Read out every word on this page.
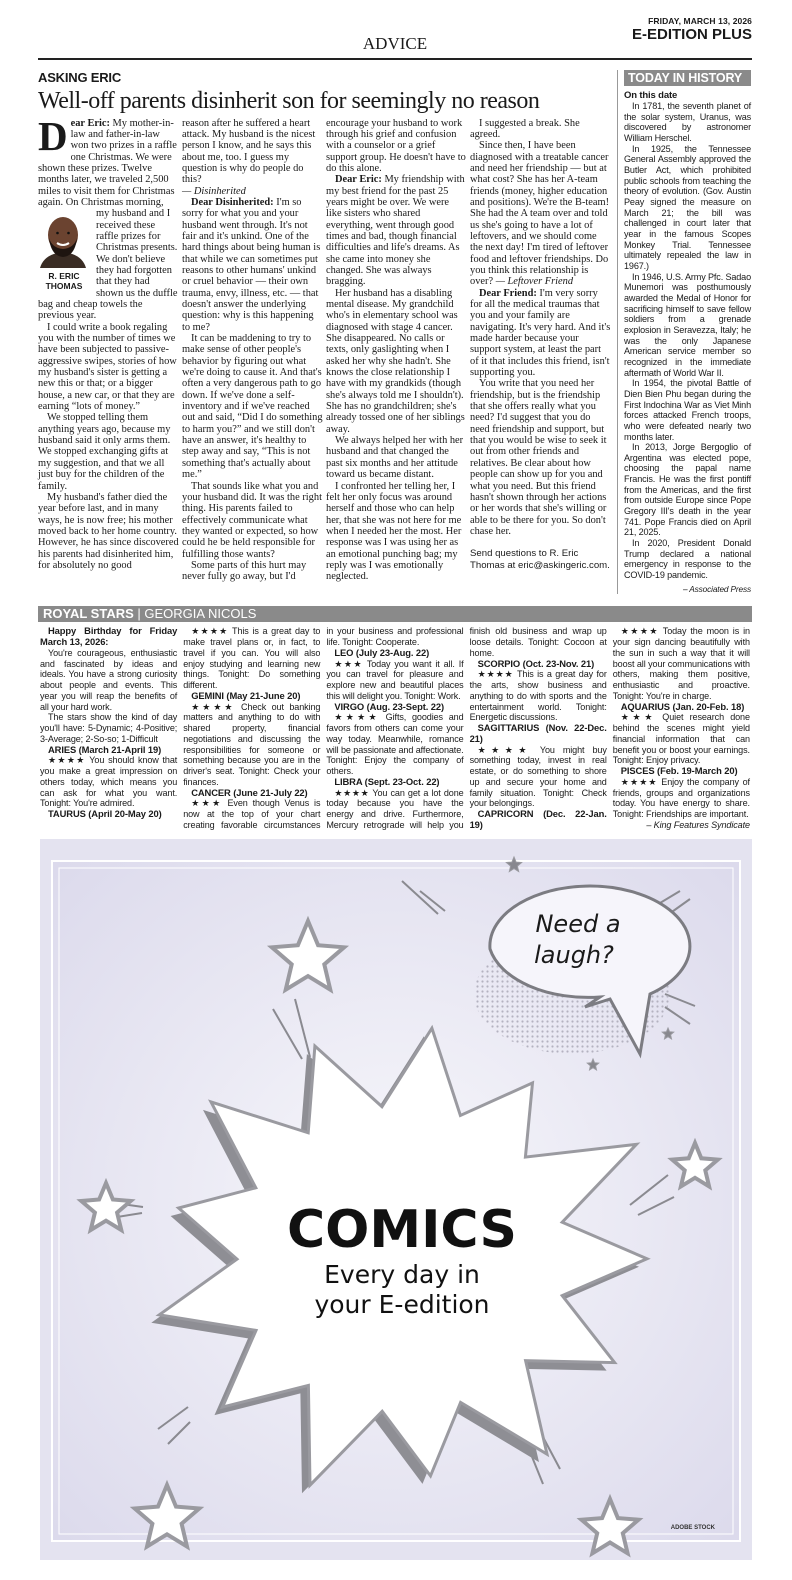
ADVICE
FRIDAY, MARCH 13, 2026
E-EDITION PLUS
ASKING ERIC
Well-off parents disinherit son for seemingly no reason

Dear Eric: My mother-in-law and father-in-law won two prizes in a raffle one Christmas. We were shown these prizes. Twelve months later, we traveled 2,500 miles to visit them for Christmas again. On Christmas morning, my husband
R. ERIC THOMAS
and I received these raffle prizes for Christmas presents. We don't believe they had forgotten that they had shown us the duffle bag and cheap towels the previous year.

I could write a book regaling you with the number of times we have been subjected to passive-aggressive swipes, stories of how my husband's sister is getting a new this or that; or a bigger house, a new car, or that they are earning “lots of money.”

We stopped telling them anything years ago, because my husband said it only arms them. We stopped exchanging gifts at my suggestion, and that we all just buy for the children of the family.

My husband's father died the year before last, and in many ways, he is now free; his mother moved back to her home country. However, he has since discovered his parents had disinherited him, for absolutely no good

reason after he suffered a heart attack. My husband is the nicest person I know, and he says this about me, too. I guess my question is why do people do this?
— Disinherited

Dear Disinherited: I'm so sorry for what you and your husband went through. It's not fair and it's unkind. One of the hard things about being human is that while we can sometimes put reasons to other humans' unkind or cruel behavior — their own trauma, envy, illness, etc. — that doesn't answer the underlying question: why is this happening to me?

It can be maddening to try to make sense of other people's behavior by figuring out what we're doing to cause it. And that's often a very dangerous path to go down. If we've done a self-inventory and if we've reached out and said, “Did I do something to harm you?” and we still don't have an answer, it's healthy to step away and say, “This is not something that's actually about me.”

That sounds like what you and your husband did. It was the right thing. His parents failed to effectively communicate what they wanted or expected, so how could he be held responsible for fulfilling those wants?

Some parts of this hurt may never fully go away, but I'd

encourage your husband to work through his grief and confusion with a counselor or a grief support group. He doesn't have to do this alone.

Dear Eric: My friendship with my best friend for the past 25 years might be over. We were like sisters who shared everything, went through good times and bad, though financial difficulties and life's dreams. As she came into money she changed. She was always bragging.

Her husband has a disabling mental disease. My grandchild who's in elementary school was diagnosed with stage 4 cancer. She disappeared. No calls or texts, only gaslighting when I asked her why she hadn't. She knows the close relationship I have with my grandkids (though she's always told me I shouldn't). She has no grandchildren; she's already tossed one of her siblings away.

We always helped her with her husband and that changed the past six months and her attitude toward us became distant.

I confronted her telling her, I felt her only focus was around herself and those who can help her, that she was not here for me when I needed her the most. Her response was I was using her as an emotional punching bag; my reply was I was emotionally neglected.

I suggested a break. She agreed.

Since then, I have been diagnosed with a treatable cancer and need her friendship — but at what cost? She has her A-team friends (money, higher education and positions). We're the B-team! She had the A team over and told us she's going to have a lot of leftovers, and we should come the next day! I'm tired of leftover food and leftover friendships. Do you think this relationship is over? — Leftover Friend

Dear Friend: I'm very sorry for all the medical traumas that you and your family are navigating. It's very hard. And it's made harder because your support system, at least the part of it that includes this friend, isn't supporting you.

You write that you need her friendship, but is the friendship that she offers really what you need? I'd suggest that you do need friendship and support, but that you would be wise to seek it out from other friends and relatives. Be clear about how people can show up for you and what you need. But this friend hasn't shown through her actions or her words that she's willing or able to be there for you. So don't chase her.

Send questions to R. Eric Thomas at eric@askingeric.com.
TODAY IN HISTORY
On this date

In 1781, the seventh planet of the solar system, Uranus, was discovered by astronomer William Herschel.

In 1925, the Tennessee General Assembly approved the Butler Act, which prohibited public schools from teaching the theory of evolution. (Gov. Austin Peay signed the measure on March 21; the bill was challenged in court later that year in the famous Scopes Monkey Trial. Tennessee ultimately repealed the law in 1967.)

In 1946, U.S. Army Pfc. Sadao Munemori was posthumously awarded the Medal of Honor for sacrificing himself to save fellow soldiers from a grenade explosion in Seravezza, Italy; he was the only Japanese American service member so recognized in the immediate aftermath of World War II.

In 1954, the pivotal Battle of Dien Bien Phu began during the First Indochina War as Viet Minh forces attacked French troops, who were defeated nearly two months later.

In 2013, Jorge Bergoglio of Argentina was elected pope, choosing the papal name Francis. He was the first pontiff from the Americas, and the first from outside Europe since Pope Gregory III's death in the year 741. Pope Francis died on April 21, 2025.

In 2020, President Donald Trump declared a national emergency in response to the COVID-19 pandemic.

– Associated Press
ROYAL STARS | GEORGIA NICOLS

Happy Birthday for Friday March 13, 2026:

You're courageous, enthusiastic and fascinated by ideas and ideals. You have a strong curiosity about people and events. This year you will reap the benefits of all your hard work.

The stars show the kind of day you'll have: 5-Dynamic; 4-Positive; 3-Average; 2-So-so; 1-Difficult

ARIES (March 21-April 19)

★★★★ You should know that you make a great impression on others today, which means you can ask for what you want. Tonight: You're admired.

TAURUS (April 20-May 20)

★★★★ This is a great day to make travel plans or, in fact, to travel if you can. You will also enjoy studying and learning new things. Tonight: Do something different.

GEMINI (May 21-June 20)

★★★★ Check out banking matters and anything to do with shared property, financial negotiations and discussing the responsibilities for someone or something because you are in the driver's seat. Tonight: Check your finances.

CANCER (June 21-July 22)

★★★ Even though Venus is now at the top of your chart creating favorable circumstances in your business and professional life. Tonight: Cooperate.

LEO (July 23-Aug. 22)

★★★ Today you want it all. If you can travel for pleasure and explore new and beautiful places this will delight you. Tonight: Work.

VIRGO (Aug. 23-Sept. 22)

★★★★ Gifts, goodies and favors from others can come your way today. Meanwhile, romance will be passionate and affectionate. Tonight: Enjoy the company of others.

LIBRA (Sept. 23-Oct. 22)

★★★★ You can get a lot done today because you have the energy and drive. Furthermore, Mercury retrograde will help you finish old business and wrap up loose details. Tonight: Cocoon at home.

SCORPIO (Oct. 23-Nov. 21)

★★★★ This is a great day for the arts, show business and anything to do with sports and the entertainment world. Tonight: Energetic discussions.

SAGITTARIUS (Nov. 22-Dec. 21)

★★★★ You might buy something today, invest in real estate, or do something to shore up and secure your home and family situation. Tonight: Check your belongings.

CAPRICORN (Dec. 22-Jan. 19)

★★★★ Today the moon is in your sign dancing beautifully with the sun in such a way that it will boost all your communications with others, making them positive, enthusiastic and proactive. Tonight: You're in charge.

AQUARIUS (Jan. 20-Feb. 18)

★★★ Quiet research done behind the scenes might yield financial information that can benefit you or boost your earnings. Tonight: Enjoy privacy.

PISCES (Feb. 19-March 20)

★★★★ Enjoy the company of friends, groups and organizations today. You have energy to share. Tonight: Friendships are important.

– King Features Syndicate
Need a
laugh?
COMICS
Every day in
your E-edition
ADOBE STOCK
